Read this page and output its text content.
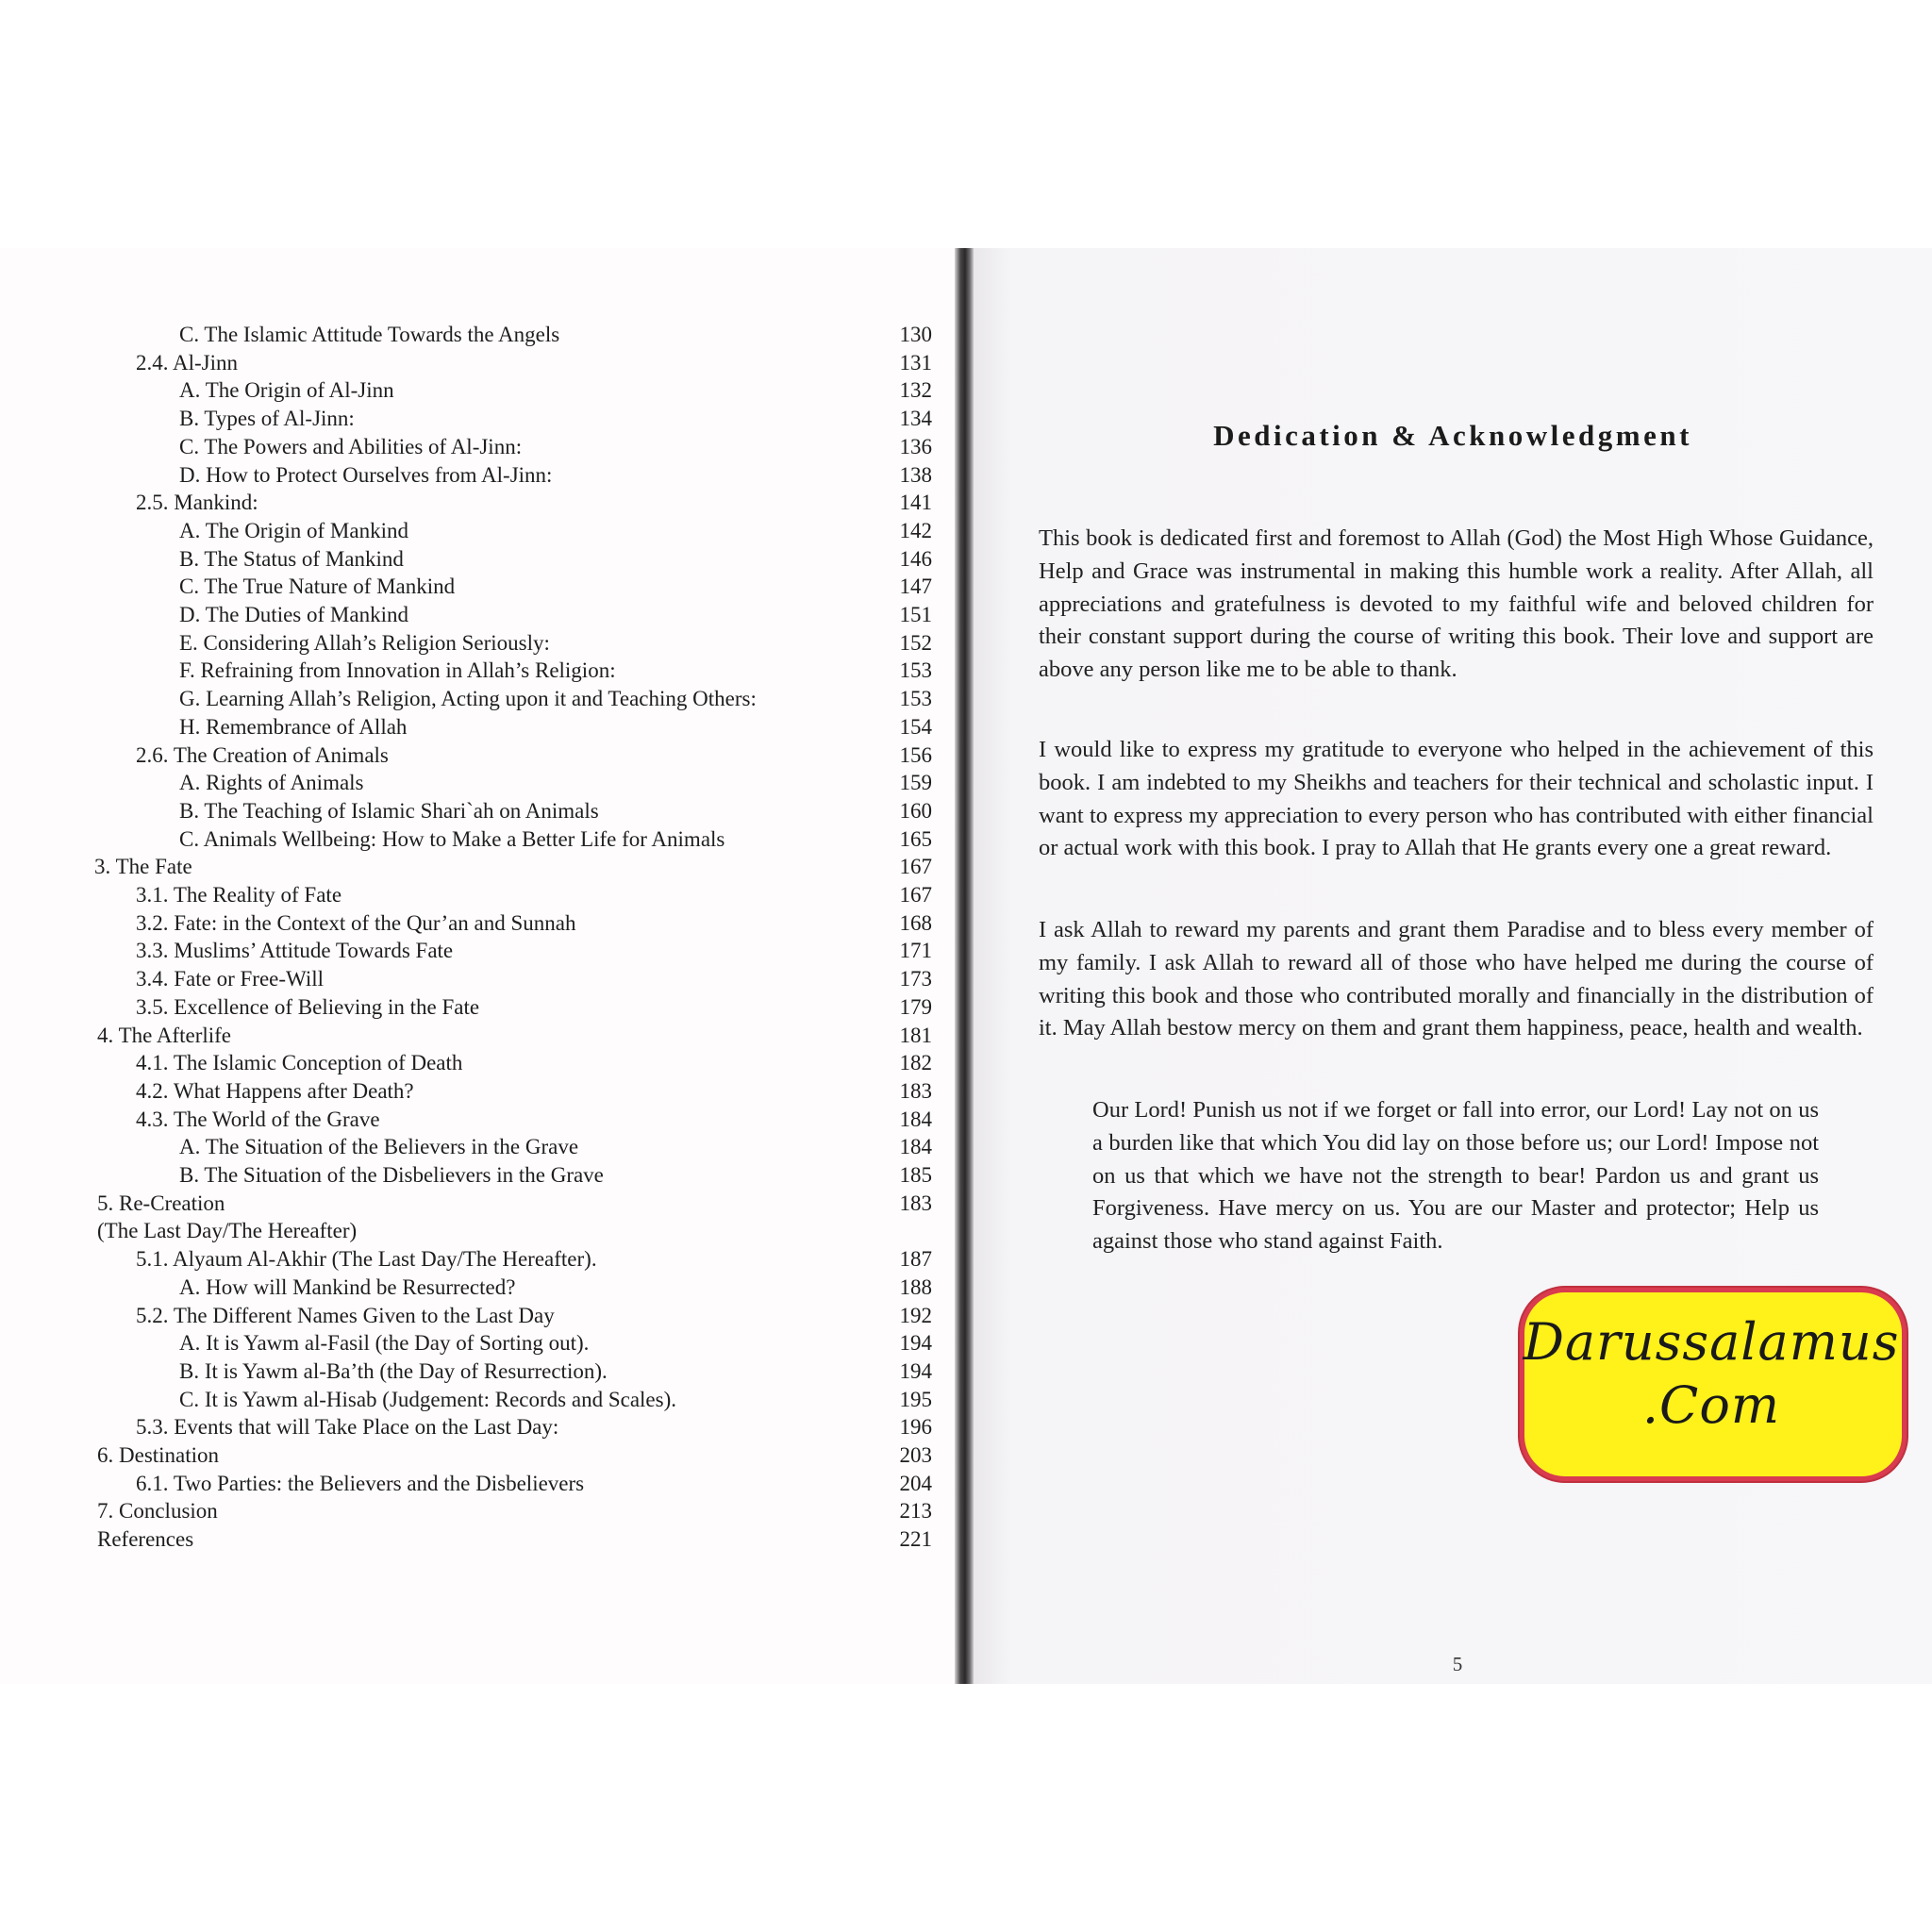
C. The Islamic Attitude Towards the Angels	130
2.4. Al-Jinn	131
A. The Origin of Al-Jinn	132
B. Types of Al-Jinn:	134
C. The Powers and Abilities of Al-Jinn:	136
D. How to Protect Ourselves from Al-Jinn:	138
2.5. Mankind:	141
A. The Origin of Mankind	142
B. The Status of Mankind	146
C. The True Nature of Mankind	147
D. The Duties of Mankind	151
E. Considering Allah’s Religion Seriously:	152
F. Refraining from Innovation in Allah’s Religion:	153
G. Learning Allah’s Religion, Acting upon it and Teaching Others:	153
H. Remembrance of Allah	154
2.6. The Creation of Animals	156
A. Rights of Animals	159
B. The Teaching of Islamic Shari`ah on Animals	160
C. Animals Wellbeing: How to Make a Better Life for Animals	165
3. The Fate	167
3.1. The Reality of Fate	167
3.2. Fate: in the Context of the Qur’an and Sunnah	168
3.3. Muslims’ Attitude Towards Fate	171
3.4. Fate or Free-Will	173
3.5. Excellence of Believing in the Fate	179
4. The Afterlife	181
4.1. The Islamic Conception of Death	182
4.2. What Happens after Death?	183
4.3. The World of the Grave	184
A. The Situation of the Believers in the Grave	184
B. The Situation of the Disbelievers in the Grave	185
5. Re-Creation	183
(The Last Day/The Hereafter)
5.1. Alyaum Al-Akhir (The Last Day/The Hereafter).	187
A. How will Mankind be Resurrected?	188
5.2. The Different Names Given to the Last Day	192
A. It is Yawm al-Fasil (the Day of Sorting out).	194
B. It is Yawm al-Ba’th (the Day of Resurrection).	194
C. It is Yawm al-Hisab (Judgement: Records and Scales).	195
5.3. Events that will Take Place on the Last Day:	196
6. Destination	203
6.1. Two Parties: the Believers and the Disbelievers	204
7. Conclusion	213
References	221
Dedication & Acknowledgment
This book is dedicated first and foremost to Allah (God) the Most High Whose Guidance, Help and Grace was instrumental in making this humble work a reality. After Allah, all appreciations and gratefulness is devoted to my faithful wife and beloved children for their constant support during the course of writing this book. Their love and support are above any person like me to be able to thank.
I would like to express my gratitude to everyone who helped in the achievement of this book. I am indebted to my Sheikhs and teachers for their technical and scholastic input. I want to express my appreciation to every person who has contributed with either financial or actual work with this book. I pray to Allah that He grants every one a great reward.
I ask Allah to reward my parents and grant them Paradise and to bless every member of my family. I ask Allah to reward all of those who have helped me during the course of writing this book and those who contributed morally and financially in the distribution of it. May Allah bestow mercy on them and grant them happiness, peace, health and wealth.
Our Lord! Punish us not if we forget or fall into error, our Lord! Lay not on us a burden like that which You did lay on those before us; our Lord! Impose not on us that which we have not the strength to bear! Pardon us and grant us Forgiveness. Have mercy on us. You are our Master and protector; Help us against those who stand against Faith.
5
Darussalamus
.Com
